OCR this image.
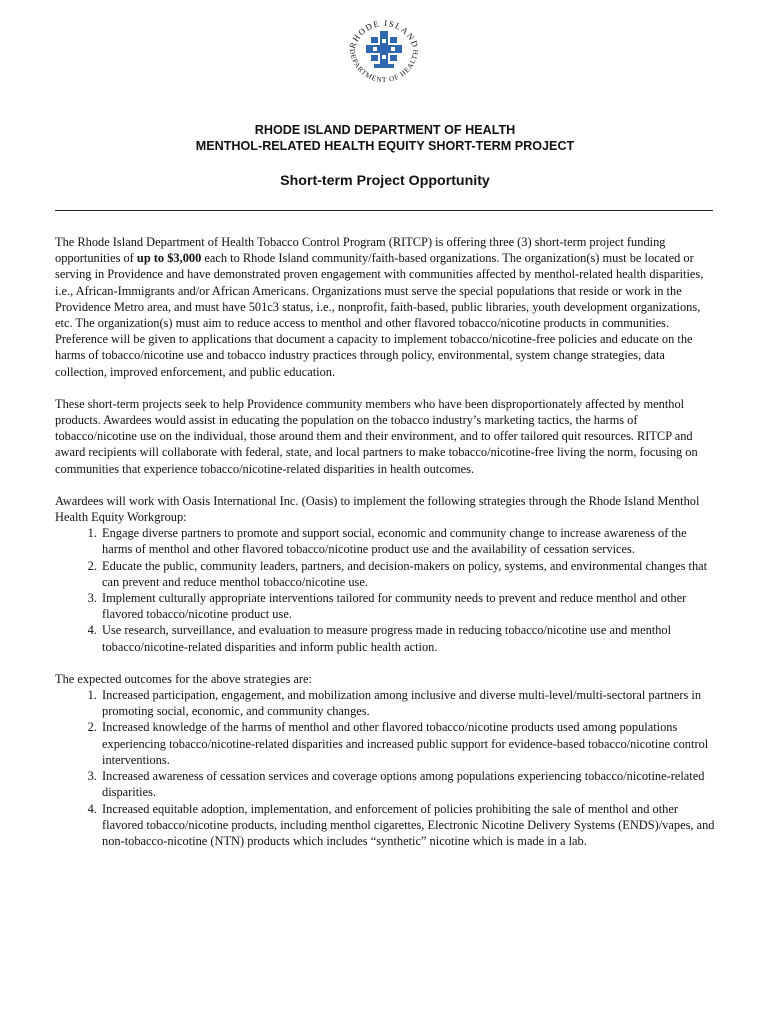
RHODE ISLAND
DEPARTMENT OF HEALTH
RHODE ISLAND DEPARTMENT OF HEALTH
MENTHOL-RELATED HEALTH EQUITY SHORT-TERM PROJECT
Short-term Project Opportunity

The Rhode Island Department of Health Tobacco Control Program (RITCP) is offering three (3) short-term project funding opportunities of up to $3,000 each to Rhode Island community/faith-based organizations. The organization(s) must be located or serving in Providence and have demonstrated proven engagement with communities affected by menthol-related health disparities, i.e., African-Immigrants and/or African Americans. Organizations must serve the special populations that reside or work in the Providence Metro area, and must have 501c3 status, i.e., nonprofit, faith-based, public libraries, youth development organizations, etc. The organization(s) must aim to reduce access to menthol and other flavored tobacco/nicotine products in communities. Preference will be given to applications that document a capacity to implement tobacco/nicotine-free policies and educate on the harms of tobacco/nicotine use and tobacco industry practices through policy, environmental, system change strategies, data collection, improved enforcement, and public education.

These short-term projects seek to help Providence community members who have been disproportionately affected by menthol products. Awardees would assist in educating the population on the tobacco industry’s marketing tactics, the harms of tobacco/nicotine use on the individual, those around them and their environment, and to offer tailored quit resources. RITCP and award recipients will collaborate with federal, state, and local partners to make tobacco/nicotine-free living the norm, focusing on communities that experience tobacco/nicotine-related disparities in health outcomes.

Awardees will work with Oasis International Inc. (Oasis) to implement the following strategies through the Rhode Island Menthol Health Equity Workgroup:

1. Engage diverse partners to promote and support social, economic and community change to increase awareness of the harms of menthol and other flavored tobacco/nicotine product use and the availability of cessation services.
2. Educate the public, community leaders, partners, and decision-makers on policy, systems, and environmental changes that can prevent and reduce menthol tobacco/nicotine use.
3. Implement culturally appropriate interventions tailored for community needs to prevent and reduce menthol and other flavored tobacco/nicotine product use.
4. Use research, surveillance, and evaluation to measure progress made in reducing tobacco/nicotine use and menthol tobacco/nicotine-related disparities and inform public health action.

The expected outcomes for the above strategies are:

1. Increased participation, engagement, and mobilization among inclusive and diverse multi-level/multi-sectoral partners in promoting social, economic, and community changes.
2. Increased knowledge of the harms of menthol and other flavored tobacco/nicotine products used among populations experiencing tobacco/nicotine-related disparities and increased public support for evidence-based tobacco/nicotine control interventions.
3. Increased awareness of cessation services and coverage options among populations experiencing tobacco/nicotine-related disparities.
4. Increased equitable adoption, implementation, and enforcement of policies prohibiting the sale of menthol and other flavored tobacco/nicotine products, including menthol cigarettes, Electronic Nicotine Delivery Systems (ENDS)/vapes, and non-tobacco-nicotine (NTN) products which includes “synthetic” nicotine which is made in a lab.
